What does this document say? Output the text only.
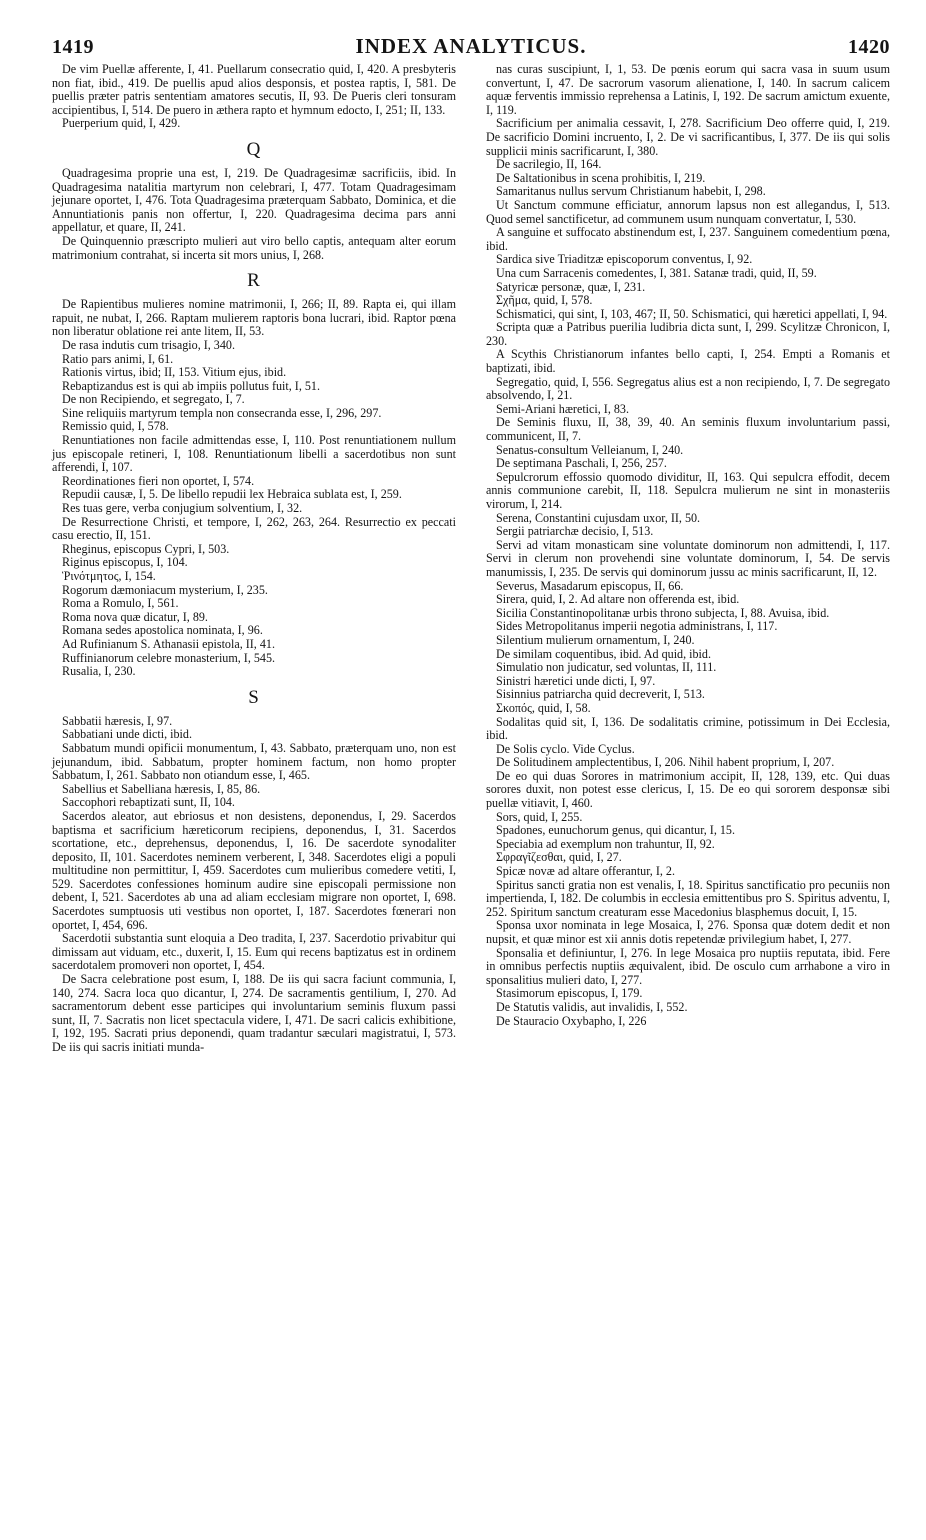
1419	INDEX ANALYTICUS.	1420

De vim Puellæ afferente, I, 41. Puellarum consecratio quid, I, 420. A presbyteris non fiat, ibid., 419. De puellis apud alios desponsis, et postea raptis, I, 581. De puellis præter patris sententiam amatores secutis, II, 93. De Pueris cleri tonsuram accipientibus, I, 514. De puero in æthera rapto et hymnum edocto, I, 251; II, 133.

Puerperium quid, I, 429.

Q

Quadragesima proprie una est, I, 219. De Quadragesimæ sacrificiis, ibid. In Quadragesima natalitia martyrum non celebrari, I, 477. Totam Quadragesimam jejunare oportet, I, 476. Tota Quadragesima præterquam Sabbato, Dominica, et die Annuntiationis panis non offertur, I, 220. Quadragesima decima pars anni appellatur, et quare, II, 241.

De Quinquennio præscripto mulieri aut viro bello captis, antequam alter eorum matrimonium contrahat, si incerta sit mors unius, I, 268.

R

De Rapientibus mulieres nomine matrimonii, I, 266; II, 89. Rapta ei, qui illam rapuit, ne nubat, I, 266. Raptam mulierem raptoris bona lucrari, ibid. Raptor pœna non liberatur oblatione rei ante litem, II, 53.

De rasa indutis cum trisagio, I, 340.

Ratio pars animi, I, 61.

Rationis virtus, ibid; II, 153. Vitium ejus, ibid.

Rebaptizandus est is qui ab impiis pollutus fuit, I, 51.

De non Recipiendo, et segregato, I, 7.

Sine reliquiis martyrum templa non consecranda esse, I, 296, 297.

Remissio quid, I, 578.

Renuntiationes non facile admittendas esse, I, 110. Post renuntiationem nullum jus episcopale retineri, I, 108. Renuntiationum libelli a sacerdotibus non sunt afferendi, I, 107.

Reordinationes fieri non oportet, I, 574.

Repudii causæ, I, 5. De libello repudii lex Hebraica sublata est, I, 259.

Res tuas gere, verba conjugium solventium, I, 32.

De Resurrectione Christi, et tempore, I, 262, 263, 264. Resurrectio ex peccati casu erectio, II, 151.

Rheginus, episcopus Cypri, I, 503.

Riginus episcopus, I, 104.

Ῥινότμητος, I, 154.

Rogorum dæmoniacum mysterium, I, 235.

Roma a Romulo, I, 561.

Roma nova quæ dicatur, I, 89.

Romana sedes apostolica nominata, I, 96.

Ad Rufinianum S. Athanasii epistola, II, 41.

Ruffinianorum celebre monasterium, I, 545.

Rusalia, I, 230.

S

Sabbatii hæresis, I, 97.

Sabbatiani unde dicti, ibid.

Sabbatum mundi opificii monumentum, I, 43. Sabbato, præterquam uno, non est jejunandum, ibid. Sabbatum, propter hominem factum, non homo propter Sabbatum, I, 261. Sabbato non otiandum esse, I, 465.

Sabellius et Sabelliana hæresis, I, 85, 86.

Saccophori rebaptizati sunt, II, 104.

Sacerdos aleator, aut ebriosus et non desistens, deponendus, I, 29. Sacerdos baptisma et sacrificium hæreticorum recipiens, deponendus, I, 31. Sacerdos scortatione, etc., deprehensus, deponendus, I, 16. De sacerdote synodaliter deposito, II, 101. Sacerdotes neminem verberent, I, 348. Sacerdotes eligi a populi multitudine non permittitur, I, 459. Sacerdotes cum mulieribus comedere vetiti, I, 529. Sacerdotes confessiones hominum audire sine episcopali permissione non debent, I, 521. Sacerdotes ab una ad aliam ecclesiam migrare non oportet, I, 698. Sacerdotes sumptuosis uti vestibus non oportet, I, 187. Sacerdotes fœnerari non oportet, I, 454, 696.

Sacerdotii substantia sunt eloquia a Deo tradita, I, 237. Sacerdotio privabitur qui dimissam aut viduam, etc., duxerit, I, 15. Eum qui recens baptizatus est in ordinem sacerdotalem promoveri non oportet, I, 454.

De Sacra celebratione post esum, I, 188. De iis qui sacra faciunt communia, I, 140, 274. Sacra loca quo dicantur, I, 274. De sacramentis gentilium, I, 270. Ad sacramentorum debent esse participes qui involuntarium seminis fluxum passi sunt, II, 7. Sacratis non licet spectacula videre, I, 471. De sacri calicis exhibitione, I, 192, 195. Sacrati prius deponendi, quam tradantur sæculari magistratui, I, 573. De iis qui sacris initiati munda-

nas curas suscipiunt, I, 1, 53. De pœnis eorum qui sacra vasa in suum usum convertunt, I, 47. De sacrorum vasorum alienatione, I, 140. In sacrum calicem aquæ ferventis immissio reprehensa a Latinis, I, 192. De sacrum amictum exuente, I, 119.

Sacrificium per animalia cessavit, I, 278. Sacrificium Deo offerre quid, I, 219. De sacrificio Domini incruento, I, 2. De vi sacrificantibus, I, 377. De iis qui solis supplicii minis sacrificarunt, I, 380.

De sacrilegio, II, 164.

De Saltationibus in scena prohibitis, I, 219.

Samaritanus nullus servum Christianum habebit, I, 298.

Ut Sanctum commune efficiatur, annorum lapsus non est allegandus, I, 513. Quod semel sanctificetur, ad communem usum nunquam convertatur, I, 530.

A sanguine et suffocato abstinendum est, I, 237. Sanguinem comedentium pœna, ibid.

Sardica sive Triaditzæ episcoporum conventus, I, 92.

Una cum Sarracenis comedentes, I, 381. Satanæ tradi, quid, II, 59.

Satyricæ personæ, quæ, I, 231.

Σχῆμα, quid, I, 578.

Schismatici, qui sint, I, 103, 467; II, 50. Schismatici, qui hæretici appellati, I, 94.

Scripta quæ a Patribus puerilia ludibria dicta sunt, I, 299. Scylitzæ Chronicon, I, 230.

A Scythis Christianorum infantes bello capti, I, 254. Empti a Romanis et baptizati, ibid.

Segregatio, quid, I, 556. Segregatus alius est a non recipiendo, I, 7. De segregato absolvendo, I, 21.

Semi-Ariani hæretici, I, 83.

De Seminis fluxu, II, 38, 39, 40. An seminis fluxum involuntarium passi, communicent, II, 7.

Senatus-consultum Velleianum, I, 240.

De septimana Paschali, I, 256, 257.

Sepulcrorum effossio quomodo dividitur, II, 163. Qui sepulcra effodit, decem annis communione carebit, II, 118. Sepulcra mulierum ne sint in monasteriis virorum, I, 214.

Serena, Constantini cujusdam uxor, II, 50.

Sergii patriarchæ decisio, I, 513.

Servi ad vitam monasticam sine voluntate dominorum non admittendi, I, 117. Servi in clerum non provehendi sine voluntate dominorum, I, 54. De servis manumissis, I, 235. De servis qui dominorum jussu ac minis sacrificarunt, II, 12.

Severus, Masadarum episcopus, II, 66.

Sirera, quid, I, 2. Ad altare non offerenda est, ibid.

Sicilia Constantinopolitanæ urbis throno subjecta, I, 88. Avuisa, ibid.

Sides Metropolitanus imperii negotia administrans, I, 117.

Silentium mulierum ornamentum, I, 240.

De similam coquentibus, ibid. Ad quid, ibid.

Simulatio non judicatur, sed voluntas, II, 111.

Sinistri hæretici unde dicti, I, 97.

Sisinnius patriarcha quid decreverit, I, 513.

Σκοπός, quid, I, 58.

Sodalitas quid sit, I, 136. De sodalitatis crimine, potissimum in Dei Ecclesia, ibid.

De Solis cyclo. Vide Cyclus.

De Solitudinem amplectentibus, I, 206. Nihil habent proprium, I, 207.

De eo qui duas Sorores in matrimonium accipit, II, 128, 139, etc. Qui duas sorores duxit, non potest esse clericus, I, 15. De eo qui sororem desponsæ sibi puellæ vitiavit, I, 460.

Sors, quid, I, 255.

Spadones, eunuchorum genus, qui dicantur, I, 15.

Speciabia ad exemplum non trahuntur, II, 92.

Σφραγῖζεσθαι, quid, I, 27.

Spicæ novæ ad altare offerantur, I, 2.

Spiritus sancti gratia non est venalis, I, 18. Spiritus sanctificatio pro pecuniis non impertienda, I, 182. De columbis in ecclesia emittentibus pro S. Spiritus adventu, I, 252. Spiritum sanctum creaturam esse Macedonius blasphemus docuit, I, 15.

Sponsa uxor nominata in lege Mosaica, I, 276. Sponsa quæ dotem dedit et non nupsit, et quæ minor est xii annis dotis repetendæ privilegium habet, I, 277.

Sponsalia et definiuntur, I, 276. In lege Mosaica pro nuptiis reputata, ibid. Fere in omnibus perfectis nuptiis æquivalent, ibid. De osculo cum arrhabone a viro in sponsalitius mulieri dato, I, 277.

Stasimorum episcopus, I, 179.

De Statutis validis, aut invalidis, I, 552.

De Stauracio Oxybapho, I, 226
